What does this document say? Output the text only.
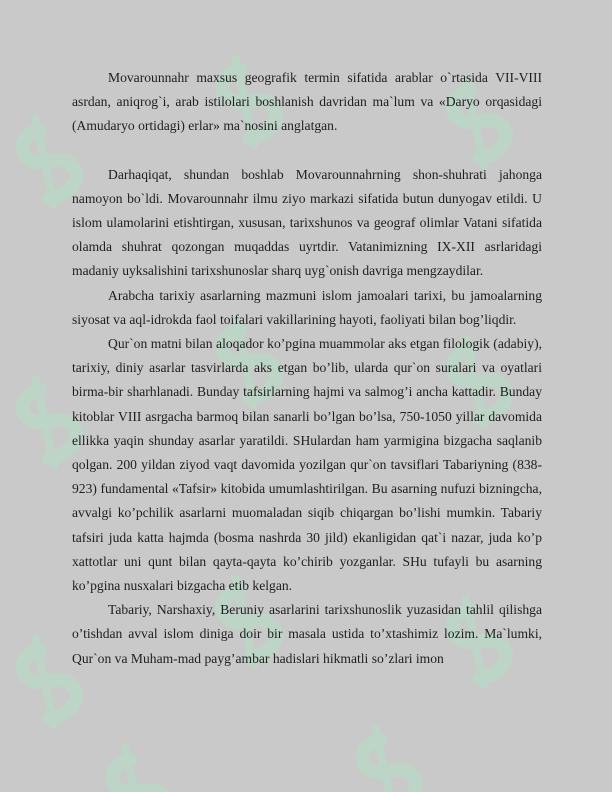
Movarounnahr maxsus geografik termin sifatida arablar o`rtasida VII-VIII asrdan, aniqrog`i, arab istilolari boshlanish davridan ma`lum va «Daryo orqasidagi (Amudaryo ortidagi) erlar» ma`nosini anglatgan.

Darhaqiqat, shundan boshlab Movarounnahrning shon-shuhrati jahonga namoyon bo`ldi. Movarounnahr ilmu ziyo markazi sifatida butun dunyogav etildi. U islom ulamolarini etishtirgan, xususan, tarixshunos va geograf olimlar Vatani sifatida olamda shuhrat qozongan muqaddas uyrtdir. Vatanimizning IX-XII asrlaridagi madaniy uyksalishini tarixshunoslar sharq uyg`onish davriga mengzaydilar.

Arabcha tarixiy asarlarning mazmuni islom jamoalari tarixi, bu jamoalarning siyosat va aql-idrokda faol toifalari vakillarining hayoti, faoliyati bilan bog’liqdir.

Qur`on matni bilan aloqador ko’pgina muammolar aks etgan filologik (adabiy), tarixiy, diniy asarlar tasvirlarda aks etgan bo’lib, ularda qur`on suralari va oyatlari birma-bir sharhlanadi. Bunday tafsirlarning hajmi va salmog’i ancha kattadir. Bunday kitoblar VIII asrgacha barmoq bilan sanarli bo’lgan bo’lsa, 750-1050 yillar davomida ellikka yaqin shunday asarlar yaratildi. SHulardan ham yarmigina bizgacha saqlanib qolgan. 200 yildan ziyod vaqt davomida yozilgan qur`on tavsiflari Tabariyning (838-923) fundamental «Tafsir» kitobida umumlashtirilgan. Bu asarning nufuzi bizningcha, avvalgi ko’pchilik asarlarni muomaladan siqib chiqargan bo’lishi mumkin. Tabariy tafsiri juda katta hajmda (bosma nashrda 30 jild) ekanligidan qat`i nazar, juda ko’p xattotlar uni qunt bilan qayta-qayta ko’chirib yozganlar. SHu tufayli bu asarning ko’pgina nusxalari bizgacha etib kelgan.

Tabariy, Narshaxiy, Beruniy asarlarini tarixshunoslik yuzasidan tahlil qilishga o’tishdan avval islom diniga doir bir masala ustida to’xtashimiz lozim. Ma`lumki, Qur`on va Muham-mad payg’ambar hadislari hikmatli so’zlari imon
